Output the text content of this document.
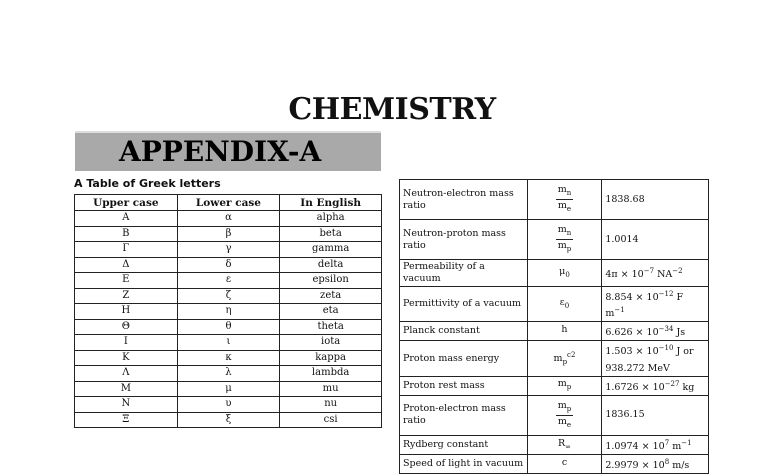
CHEMISTRY
APPENDIX-A
A Table of Greek letters
Upper case	Lower case	In English
Α	α	alpha
Β	β	beta
Γ	γ	gamma
Δ	δ	delta
Ε	ε	epsilon
Ζ	ζ	zeta
Η	η	eta
Θ	θ	theta
Ι	ι	iota
Κ	κ	kappa
Λ	λ	lambda
Μ	μ	mu
Ν	υ	nu
Ξ	ξ	csi
Neutron-electron mass ratio	$\frac{m_n}{m_e}$	1838.68
Neutron-proton mass ratio	$\frac{m_n}{m_p}$	1.0014
Permeability of a vacuum	$\mu_0$	$4\pi \times 10^{-7}$ $NA^{-2}$
Permittivity of a vacuum	$\varepsilon_0$	$8.854 \times 10^{-12}$ F $m^{-1}$
Planck constant	h	$6.626 \times 10^{-34}$ Js
Proton mass energy	$m_p^{c2}$	$1.503 \times 10^{-10}$ J or 938.272 MeV
Proton rest mass	$m_p$	$1.6726 \times 10^{-27}$ kg
Proton-electron mass ratio	$\frac{m_p}{m_e}$	1836.15
Rydberg constant	$R_\infty$	$1.0974 \times 10^7$ $m^{-1}$
Speed of light in vacuum	c	$2.9979 \times 10^8$ m/s
